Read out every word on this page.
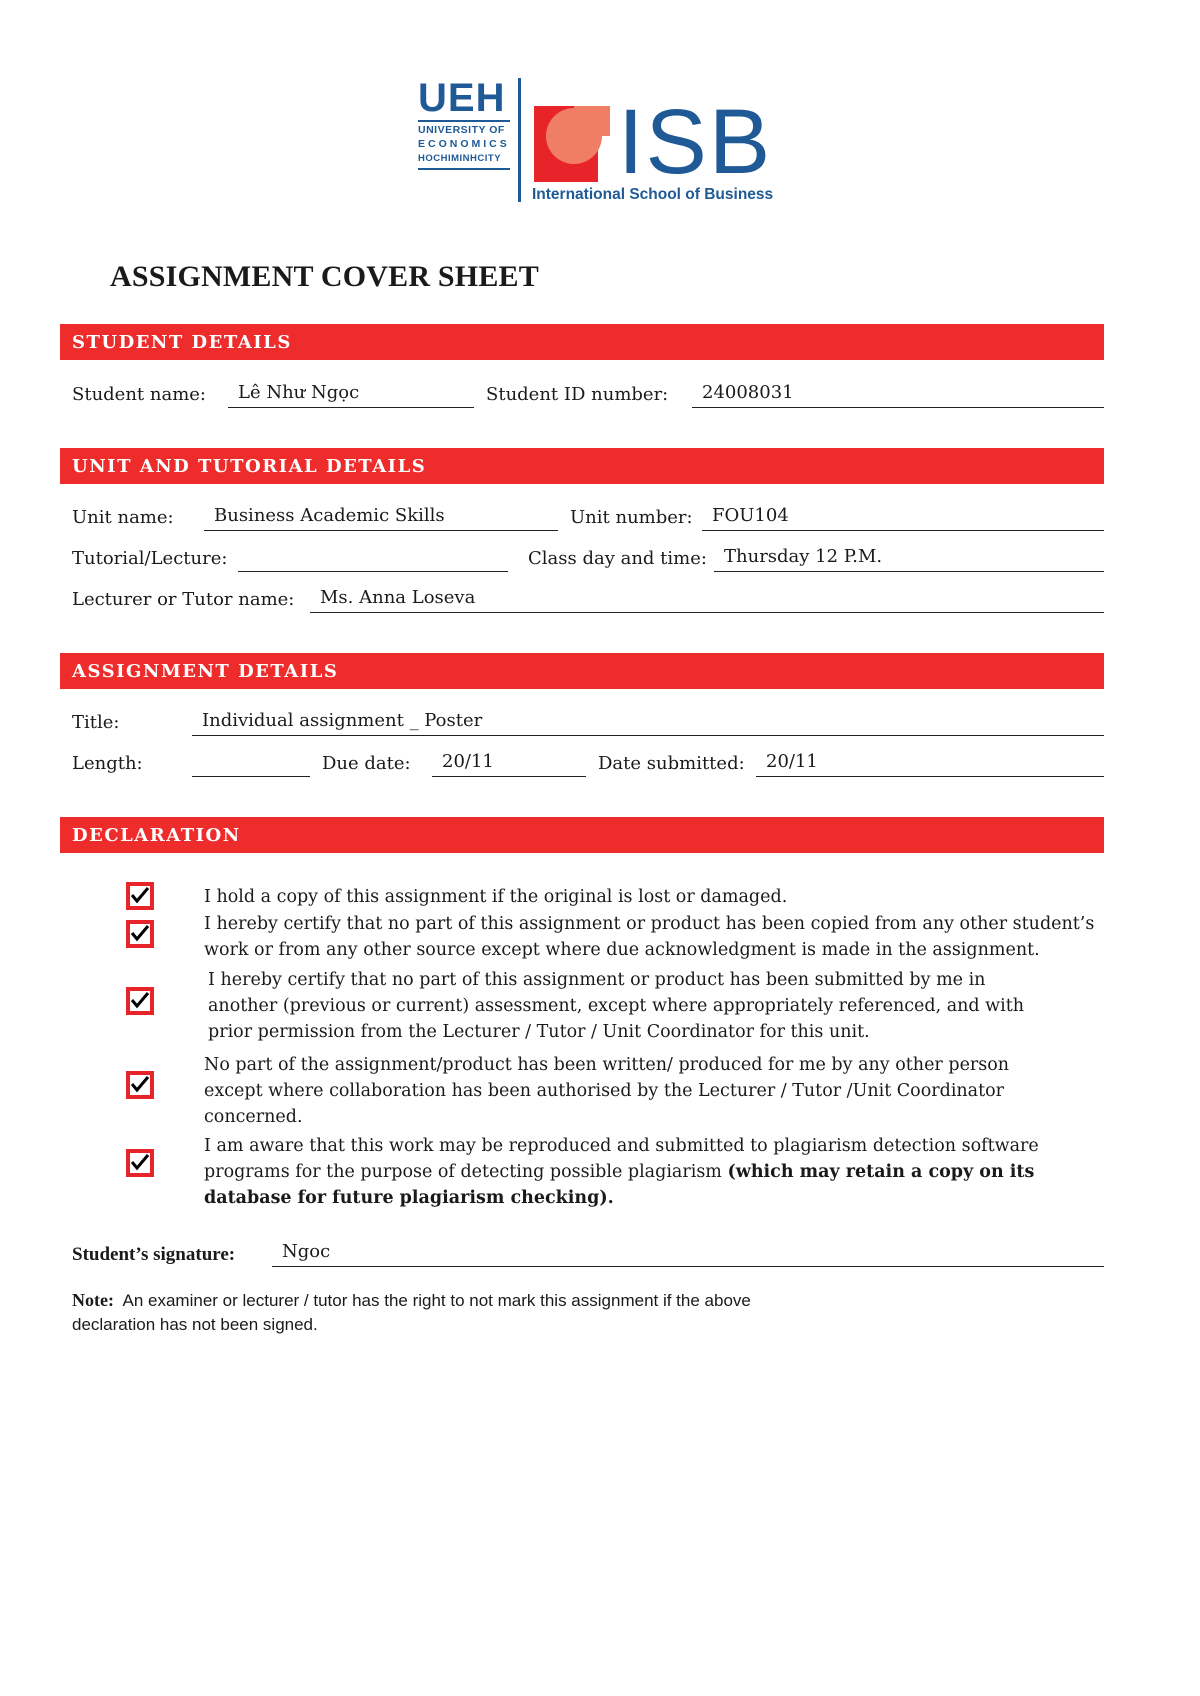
UEH
UNIVERSITY OF
ECONOMICS
HOCHIMINHCITY ISB
International School of Business
ASSIGNMENT COVER SHEET
STUDENT DETAILS
Student name: Lê Như Ngọc	Student ID number: 24008031
UNIT AND TUTORIAL DETAILS
Unit name: Business Academic Skills	Unit number: FOU104
Tutorial/Lecture:	Class day and time: Thursday 12 P.M.
Lecturer or Tutor name: Ms. Anna Loseva
ASSIGNMENT DETAILS
Title:	Individual assignment _ Poster
Length:	Due date: 20/11	Date submitted: 20/11
DECLARATION
I hold a copy of this assignment if the original is lost or damaged.
I hereby certify that no part of this assignment or product has been copied from any other student’s
work or from any other source except where due acknowledgment is made in the assignment.
I hereby certify that no part of this assignment or product has been submitted by me in
another (previous or current) assessment, except where appropriately referenced, and with
prior permission from the Lecturer / Tutor / Unit Coordinator for this unit.
No part of the assignment/product has been written/ produced for me by any other person
except where collaboration has been authorised by the Lecturer / Tutor /Unit Coordinator
concerned.
I am aware that this work may be reproduced and submitted to plagiarism detection software
programs for the purpose of detecting possible plagiarism (which may retain a copy on its
database for future plagiarism checking).
Student’s signature:	Ngoc
Note: An examiner or lecturer / tutor has the right to not mark this assignment if the above
declaration has not been signed.
